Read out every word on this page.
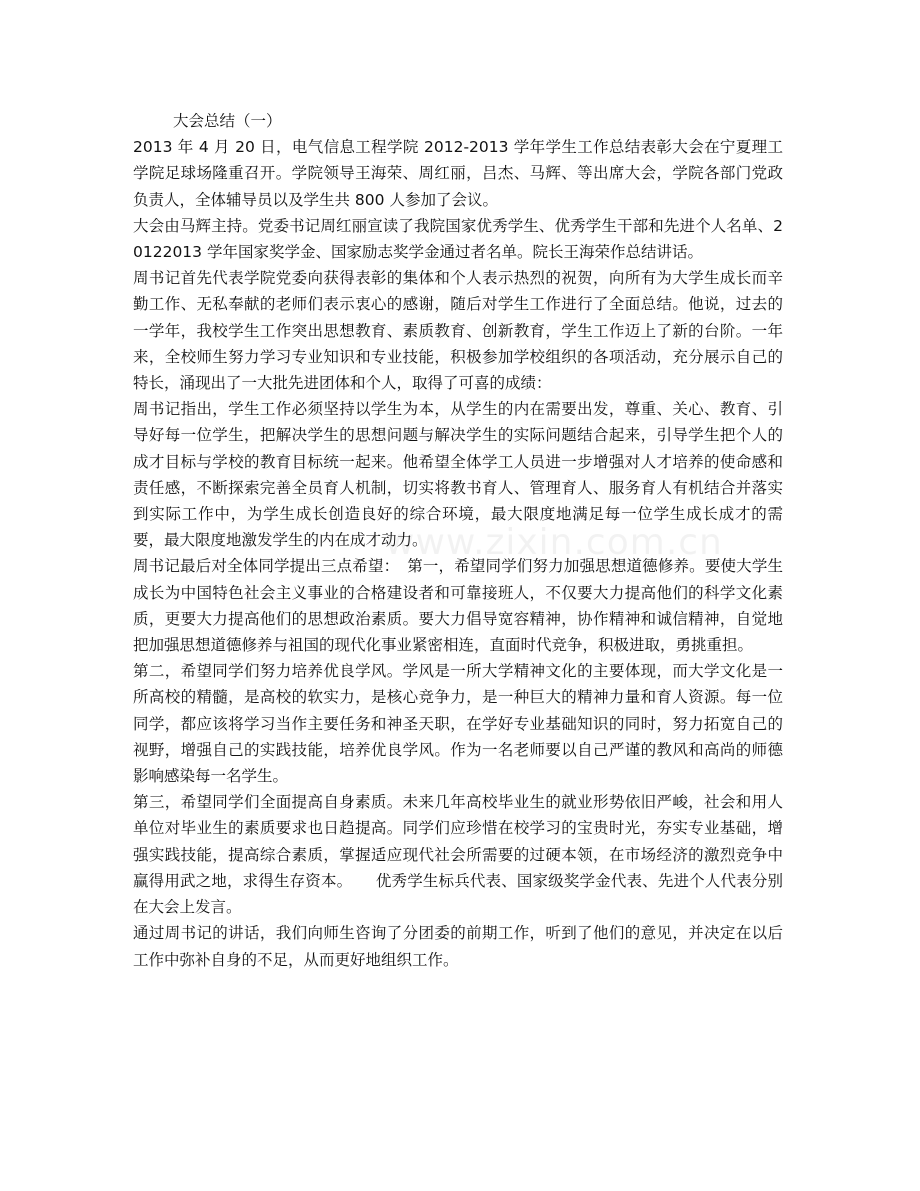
www.zixin.com.cn
大会总结（一）

2013 年 4 月 20 日，电气信息工程学院 2012-2013 学年学生工作总结表彰大会在宁夏理工学院足球场隆重召开。学院领导王海荣、周红丽，吕杰、马辉、等出席大会，学院各部门党政负责人，全体辅导员以及学生共 800 人参加了会议。

大会由马辉主持。党委书记周红丽宣读了我院国家优秀学生、优秀学生干部和先进个人名单、20122013 学年国家奖学金、国家励志奖学金通过者名单。院长王海荣作总结讲话。

周书记首先代表学院党委向获得表彰的集体和个人表示热烈的祝贺，向所有为大学生成长而辛勤工作、无私奉献的老师们表示衷心的感谢，随后对学生工作进行了全面总结。他说，过去的一学年，我校学生工作突出思想教育、素质教育、创新教育，学生工作迈上了新的台阶。一年来，全校师生努力学习专业知识和专业技能，积极参加学校组织的各项活动，充分展示自己的特长，涌现出了一大批先进团体和个人，取得了可喜的成绩：

周书记指出，学生工作必须坚持以学生为本，从学生的内在需要出发，尊重、关心、教育、引导好每一位学生，把解决学生的思想问题与解决学生的实际问题结合起来，引导学生把个人的成才目标与学校的教育目标统一起来。他希望全体学工人员进一步增强对人才培养的使命感和责任感，不断探索完善全员育人机制，切实将教书育人、管理育人、服务育人有机结合并落实到实际工作中，为学生成长创造良好的综合环境，最大限度地满足每一位学生成长成才的需要，最大限度地激发学生的内在成才动力。

周书记最后对全体同学提出三点希望：　第一，希望同学们努力加强思想道德修养。要使大学生成长为中国特色社会主义事业的合格建设者和可靠接班人，不仅要大力提高他们的科学文化素质，更要大力提高他们的思想政治素质。要大力倡导宽容精神，协作精神和诚信精神，自觉地把加强思想道德修养与祖国的现代化事业紧密相连，直面时代竞争，积极进取，勇挑重担。

第二，希望同学们努力培养优良学风。学风是一所大学精神文化的主要体现，而大学文化是一所高校的精髓，是高校的软实力，是核心竞争力，是一种巨大的精神力量和育人资源。每一位同学，都应该将学习当作主要任务和神圣天职，在学好专业基础知识的同时，努力拓宽自己的视野，增强自己的实践技能，培养优良学风。作为一名老师要以自己严谨的教风和高尚的师德影响感染每一名学生。

第三，希望同学们全面提高自身素质。未来几年高校毕业生的就业形势依旧严峻，社会和用人单位对毕业生的素质要求也日趋提高。同学们应珍惜在校学习的宝贵时光，夯实专业基础，增强实践技能，提高综合素质，掌握适应现代社会所需要的过硬本领，在市场经济的激烈竞争中赢得用武之地，求得生存资本。　　优秀学生标兵代表、国家级奖学金代表、先进个人代表分别在大会上发言。

通过周书记的讲话，我们向师生咨询了分团委的前期工作，听到了他们的意见，并决定在以后工作中弥补自身的不足，从而更好地组织工作。
